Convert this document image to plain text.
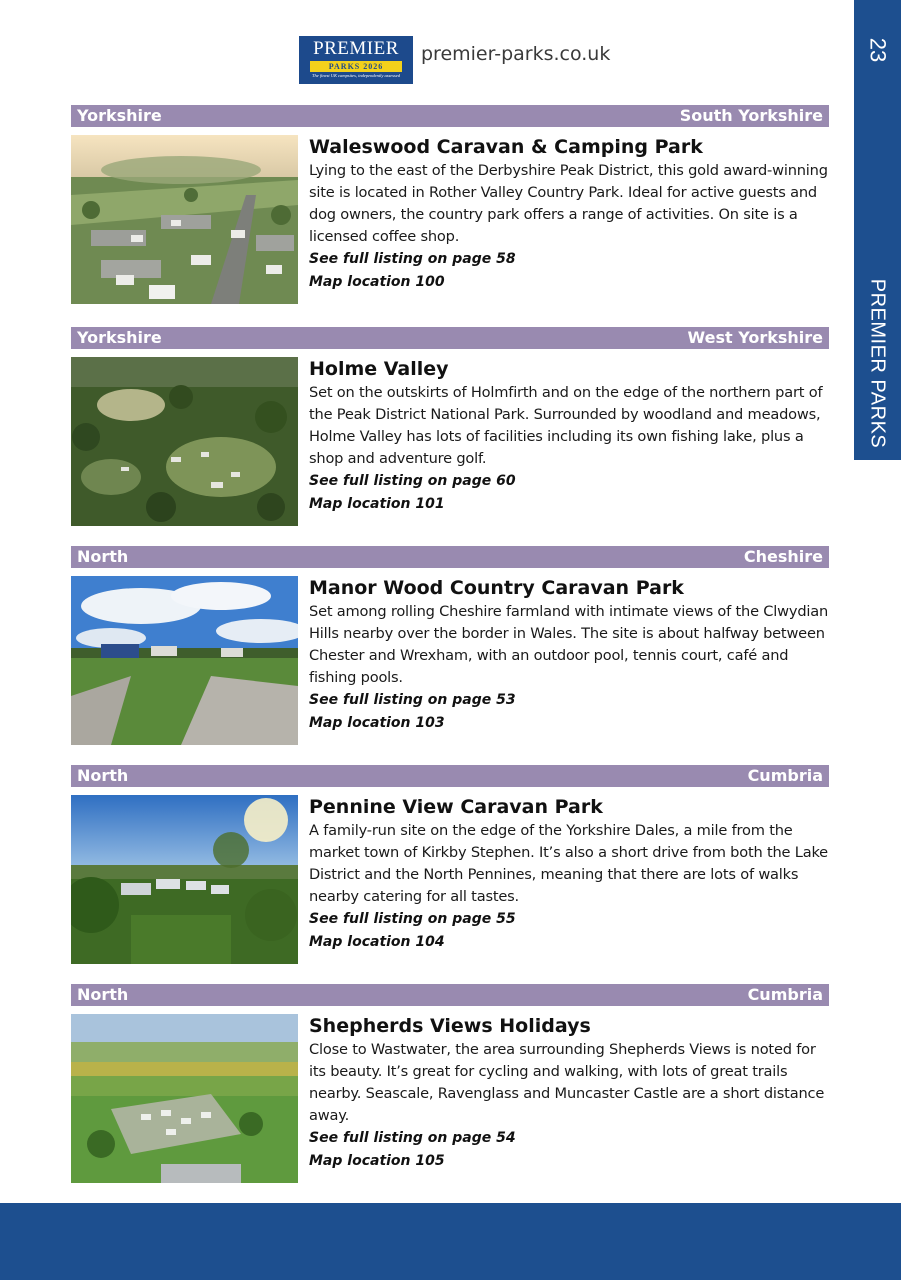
PREMIER
PARKS 2026
The finest UK campsites, independently assessed
premier-parks.co.uk	23
PREMIER PARKS
Yorkshire	South Yorkshire
Waleswood Caravan & Camping Park
Lying to the east of the Derbyshire Peak District, this gold award-winning site is located in Rother Valley Country Park. Ideal for active guests and dog owners, the country park offers a range of activities. On site is a licensed coffee shop.
See full listing on page 58
Map location 100
Yorkshire	West Yorkshire
Holme Valley
Set on the outskirts of Holmfirth and on the edge of the northern part of the Peak District National Park. Surrounded by woodland and meadows, Holme Valley has lots of facilities including its own fishing lake, plus a shop and adventure golf.
See full listing on page 60
Map location 101
North	Cheshire
Manor Wood Country Caravan Park
Set among rolling Cheshire farmland with intimate views of the Clwydian Hills nearby over the border in Wales. The site is about halfway between Chester and Wrexham, with an outdoor pool, tennis court, café and fishing pools.
See full listing on page 53
Map location 103
North	Cumbria
Pennine View Caravan Park
A family-run site on the edge of the Yorkshire Dales, a mile from the market town of Kirkby Stephen. It’s also a short drive from both the Lake District and the North Pennines, meaning that there are lots of walks nearby catering for all tastes.
See full listing on page 55
Map location 104
North	Cumbria
Shepherds Views Holidays
Close to Wastwater, the area surrounding Shepherds Views is noted for its beauty. It’s great for cycling and walking, with lots of great trails nearby. Seascale, Ravenglass and Muncaster Castle are a short distance away.
See full listing on page 54
Map location 105
